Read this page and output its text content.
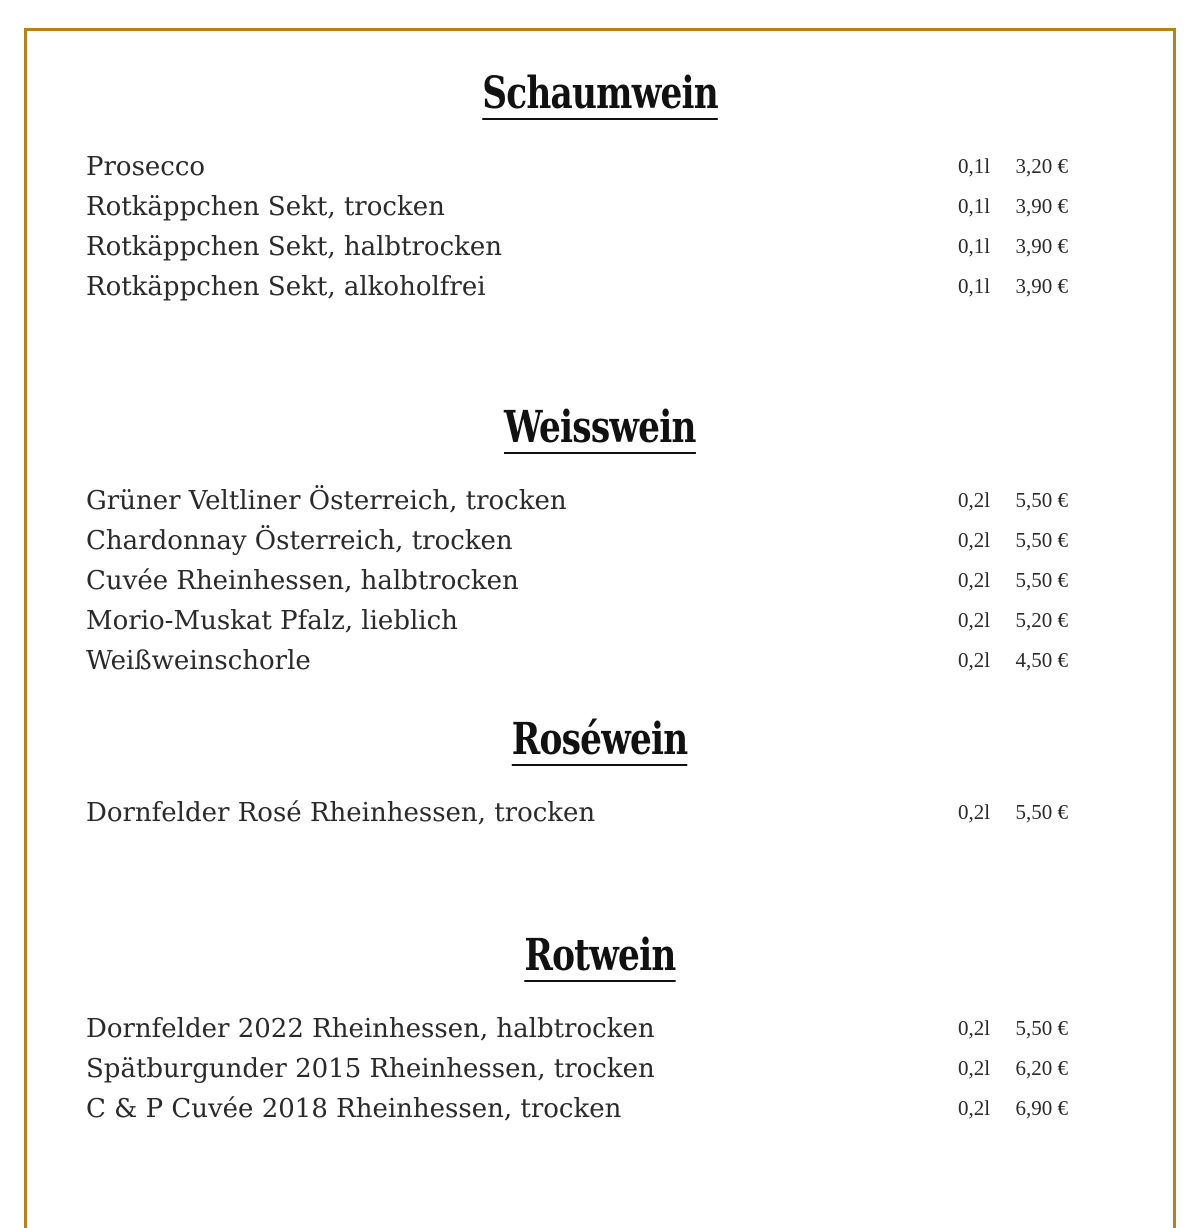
Schaumwein
Prosecco	0,1l 3,20 €
Rotkäppchen Sekt, trocken	0,1l 3,90 €
Rotkäppchen Sekt, halbtrocken	0,1l 3,90 €
Rotkäppchen Sekt, alkoholfrei	0,1l 3,90 €
Weisswein
Grüner Veltliner Österreich, trocken	0,2l 5,50 €
Chardonnay Österreich, trocken	0,2l 5,50 €
Cuvée Rheinhessen, halbtrocken	0,2l 5,50 €
Morio-Muskat Pfalz, lieblich	0,2l 5,20 €
Weißweinschorle	0,2l 4,50 €
Roséwein
Dornfelder Rosé Rheinhessen, trocken	0,2l 5,50 €
Rotwein
Dornfelder 2022 Rheinhessen, halbtrocken	0,2l 5,50 €
Spätburgunder 2015 Rheinhessen, trocken	0,2l 6,20 €
C & P Cuvée 2018 Rheinhessen, trocken	0,2l 6,90 €
